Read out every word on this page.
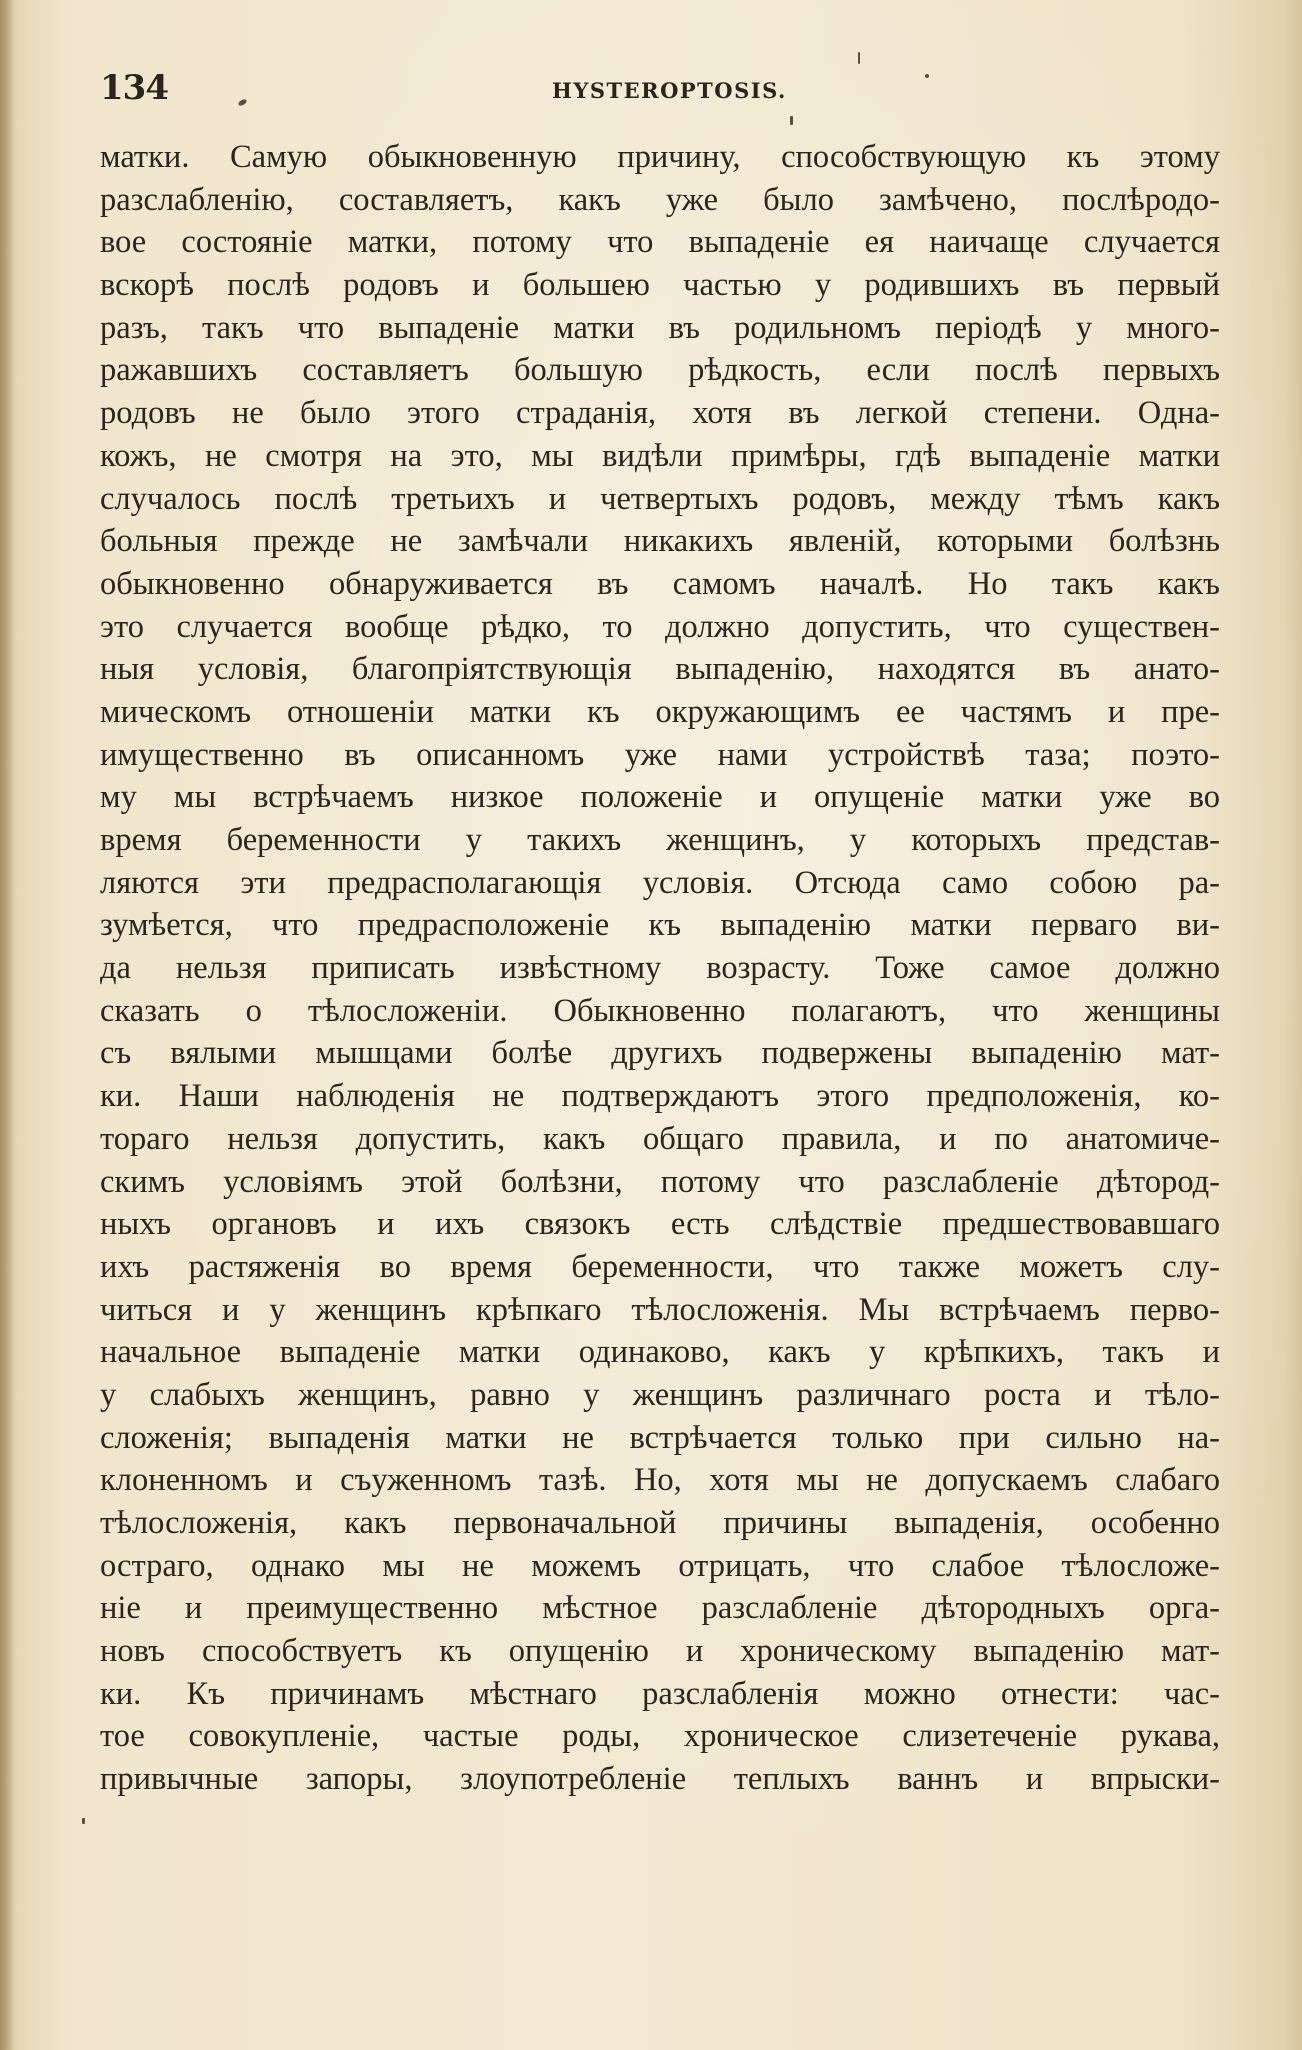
134	HYSTEROPTOSIS.
матки. Самую обыкновенную причину, способствующую къ этому
разслабленію, составляетъ, какъ уже было замѣчено, послѣродо-
вое состояніе матки, потому что выпаденіе ея наичаще случается
вскорѣ послѣ родовъ и большею частью у родившихъ въ первый
разъ, такъ что выпаденіе матки въ родильномъ періодѣ у много-
ражавшихъ составляетъ большую рѣдкость, если послѣ первыхъ
родовъ не было этого страданія, хотя въ легкой степени. Одна-
кожъ, не смотря на это, мы видѣли примѣры, гдѣ выпаденіе матки
случалось послѣ третьихъ и четвертыхъ родовъ, между тѣмъ какъ
больныя прежде не замѣчали никакихъ явленій, которыми болѣзнь
обыкновенно обнаруживается въ самомъ началѣ. Но такъ какъ
это случается вообще рѣдко, то должно допустить, что существен-
ныя условія, благопріятствующія выпаденію, находятся въ анато-
мическомъ отношеніи матки къ окружающимъ ее частямъ и пре-
имущественно въ описанномъ уже нами устройствѣ таза; поэто-
му мы встрѣчаемъ низкое положеніе и опущеніе матки уже во
время беременности у такихъ женщинъ, у которыхъ представ-
ляются эти предрасполагающія условія. Отсюда само собою ра-
зумѣется, что предрасположеніе къ выпаденію матки перваго ви-
да нельзя приписать извѣстному возрасту. Тоже самое должно
сказать о тѣлосложеніи. Обыкновенно полагаютъ, что женщины
съ вялыми мышцами болѣе другихъ подвержены выпаденію мат-
ки. Наши наблюденія не подтверждаютъ этого предположенія, ко-
тораго нельзя допустить, какъ общаго правила, и по анатомиче-
скимъ условіямъ этой болѣзни, потому что разслабленіе дѣтород-
ныхъ органовъ и ихъ связокъ есть слѣдствіе предшествовавшаго
ихъ растяженія во время беременности, что также можетъ слу-
читься и у женщинъ крѣпкаго тѣлосложенія. Мы встрѣчаемъ перво-
начальное выпаденіе матки одинаково, какъ у крѣпкихъ, такъ и
у слабыхъ женщинъ, равно у женщинъ различнаго роста и тѣло-
сложенія; выпаденія матки не встрѣчается только при сильно на-
клоненномъ и съуженномъ тазѣ. Но, хотя мы не допускаемъ слабаго
тѣлосложенія, какъ первоначальной причины выпаденія, особенно
остраго, однако мы не можемъ отрицать, что слабое тѣлосложе-
ніе и преимущественно мѣстное разслабленіе дѣтородныхъ орга-
новъ способствуетъ къ опущенію и хроническому выпаденію мат-
ки. Къ причинамъ мѣстнаго разслабленія можно отнести: час-
тое совокупленіе, частые роды, хроническое слизетеченіе рукава,
привычные запоры, злоупотребленіе теплыхъ ваннъ и впрыски-
